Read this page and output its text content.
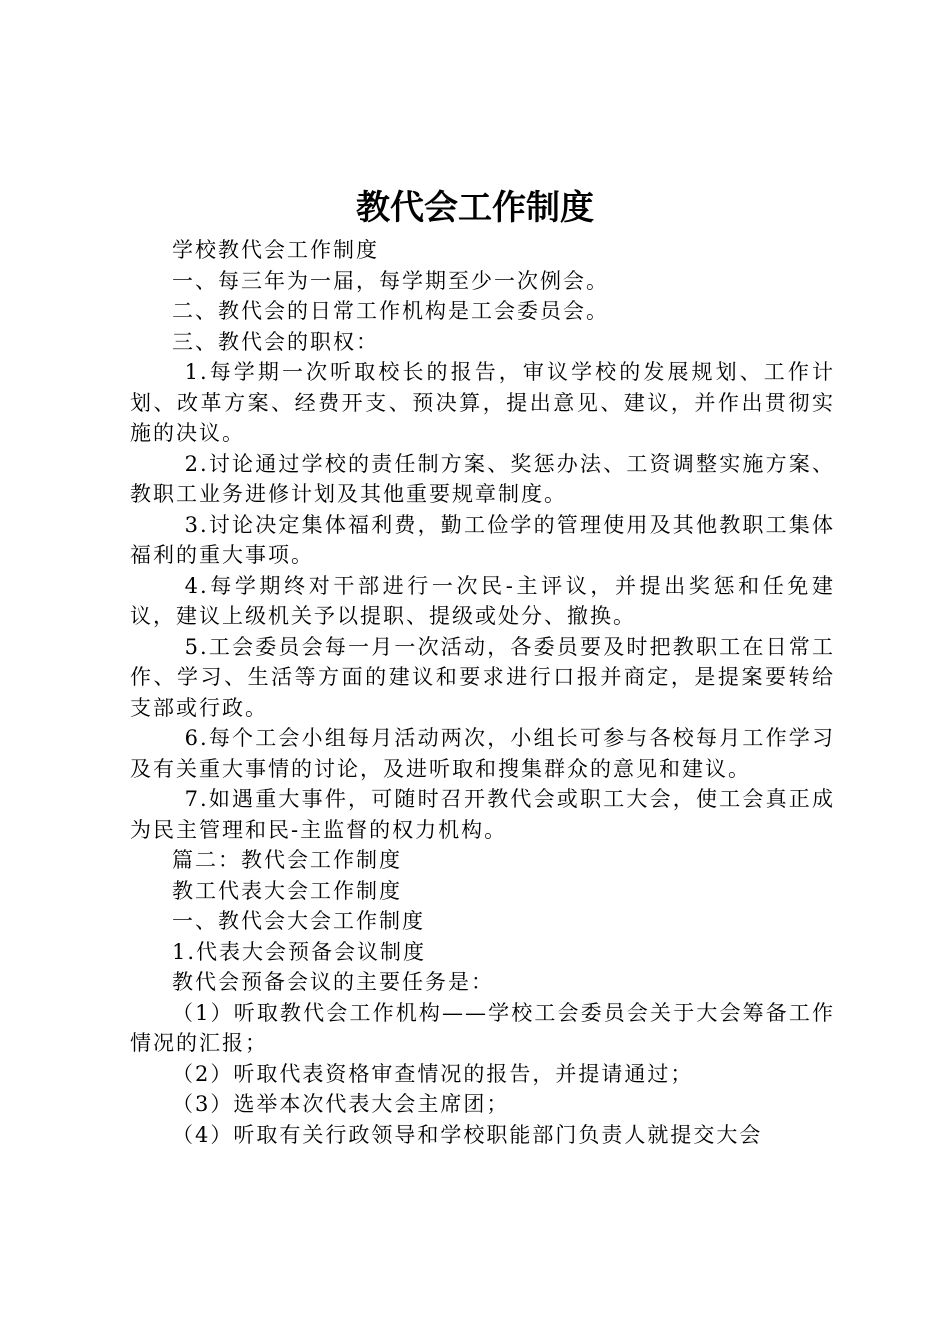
教代会工作制度

学校教代会工作制度

一、每三年为一届，每学期至少一次例会。

二、教代会的日常工作机构是工会委员会。

三、教代会的职权：

1.每学期一次听取校长的报告，审议学校的发展规划、工作计划、改革方案、经费开支、预决算，提出意见、建议，并作出贯彻实施的决议。

2.讨论通过学校的责任制方案、奖惩办法、工资调整实施方案、教职工业务进修计划及其他重要规章制度。

3.讨论决定集体福利费，勤工俭学的管理使用及其他教职工集体福利的重大事项。

4.每学期终对干部进行一次民-主评议，并提出奖惩和任免建议，建议上级机关予以提职、提级或处分、撤换。

5.工会委员会每一月一次活动，各委员要及时把教职工在日常工作、学习、生活等方面的建议和要求进行口报并商定，是提案要转给支部或行政。

6.每个工会小组每月活动两次，小组长可参与各校每月工作学习及有关重大事情的讨论，及进听取和搜集群众的意见和建议。

7.如遇重大事件，可随时召开教代会或职工大会，使工会真正成为民主管理和民-主监督的权力机构。

篇二：教代会工作制度

教工代表大会工作制度

一、教代会大会工作制度

1.代表大会预备会议制度

教代会预备会议的主要任务是：

（1）听取教代会工作机构——学校工会委员会关于大会筹备工作情况的汇报；

（2）听取代表资格审查情况的报告，并提请通过；

（3）选举本次代表大会主席团；

（4）听取有关行政领导和学校职能部门负责人就提交大会
